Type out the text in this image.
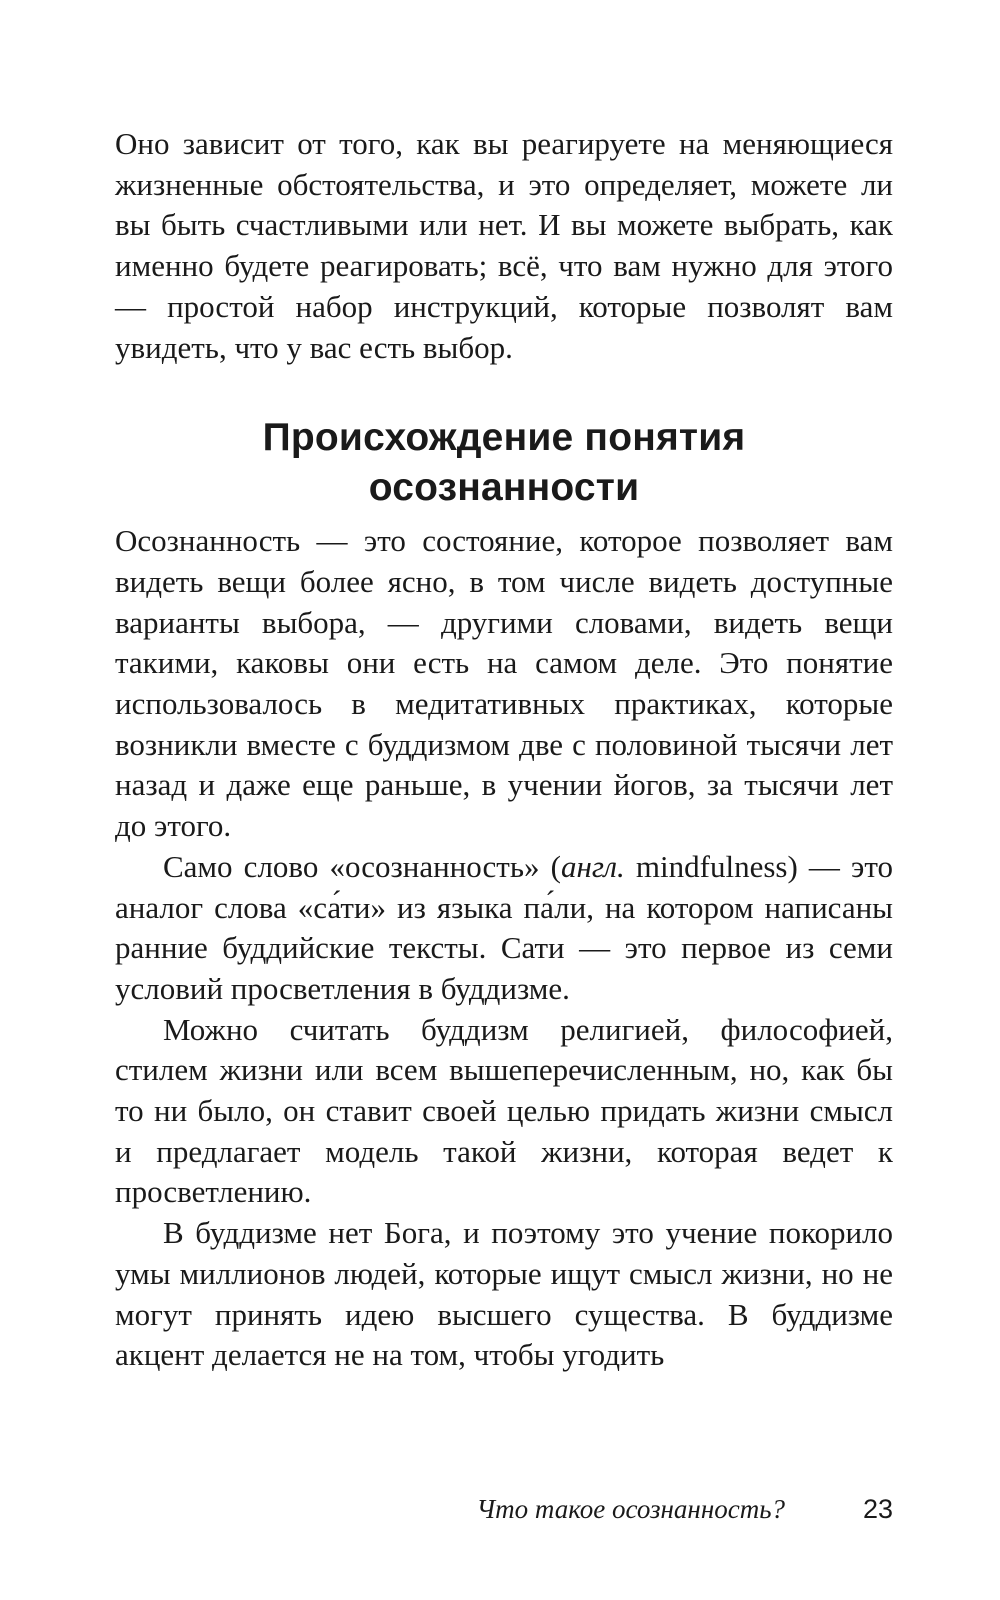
Оно зависит от того, как вы реагируете на меняющиеся жизненные обстоятельства, и это определяет, можете ли вы быть счастливыми или нет. И вы можете выбрать, как именно будете реагировать; всё, что вам нужно для этого — простой набор инструкций, которые позволят вам увидеть, что у вас есть выбор.

Происхождение понятия
осознанности

Осознанность — это состояние, которое позволяет вам видеть вещи более ясно, в том числе видеть доступные варианты выбора, — другими словами, видеть вещи такими, каковы они есть на самом деле. Это понятие использовалось в медитативных практиках, которые возникли вместе с буддизмом две с половиной тысячи лет назад и даже еще раньше, в учении йогов, за тысячи лет до этого.

Само слово «осознанность» (англ. mindfulness) — это аналог слова «са́ти» из языка па́ли, на котором написаны ранние буддийские тексты. Сати — это первое из семи условий просветления в буддизме.

Можно считать буддизм религией, философией, стилем жизни или всем вышеперечисленным, но, как бы то ни было, он ставит своей целью придать жизни смысл и предлагает модель такой жизни, которая ведет к просветлению.

В буддизме нет Бога, и поэтому это учение покорило умы миллионов людей, которые ищут смысл жизни, но не могут принять идею высшего существа. В буддизме акцент делается не на том, чтобы угодить

Что такое осознанность?	23
